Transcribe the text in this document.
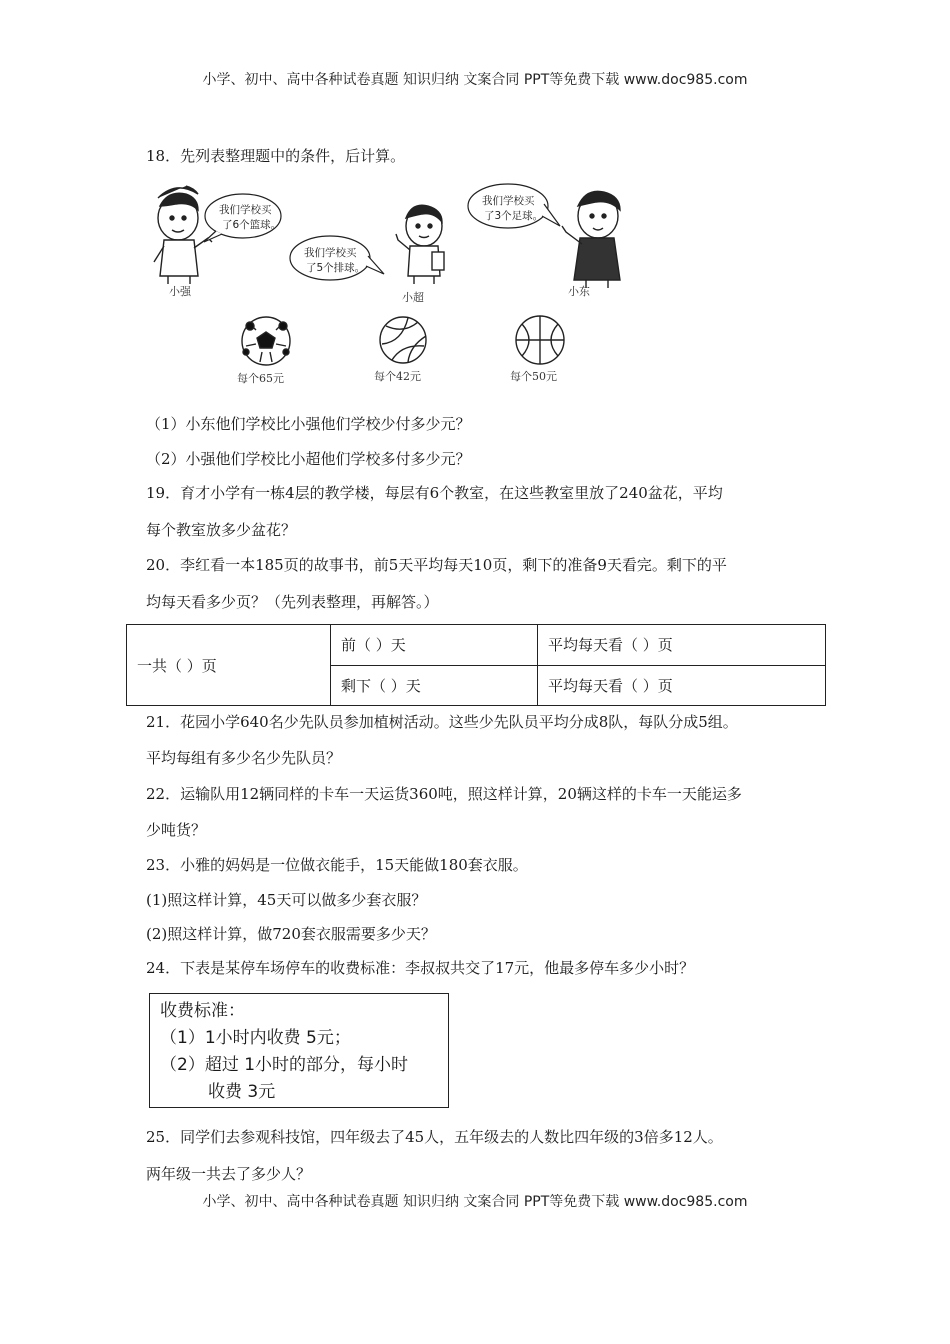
小学、初中、高中各种试卷真题 知识归纳 文案合同 PPT等免费下载 www.doc985.com
18．先列表整理题中的条件，后计算。
我们学校买
了6个篮球。
我们学校买
了5个排球。
我们学校买
了3个足球。
小强	小超	小东
每个65元	每个42元	每个50元
（1）小东他们学校比小强他们学校少付多少元？
（2）小强他们学校比小超他们学校多付多少元？
19．育才小学有一栋4层的教学楼，每层有6个教室，在这些教室里放了240盆花，平均
每个教室放多少盆花？
20．李红看一本185页的故事书，前5天平均每天10页，剩下的准备9天看完。剩下的平
均每天看多少页？（先列表整理，再解答。）
一共（ ）页	前（ ）天	平均每天看（ ）页
	剩下（ ）天	平均每天看（ ）页
21．花园小学640名少先队员参加植树活动。这些少先队员平均分成8队，每队分成5组。
平均每组有多少名少先队员？
22．运输队用12辆同样的卡车一天运货360吨，照这样计算，20辆这样的卡车一天能运多
少吨货？
23．小雅的妈妈是一位做衣能手，15天能做180套衣服。
(1)照这样计算，45天可以做多少套衣服？
(2)照这样计算，做720套衣服需要多少天？
24．下表是某停车场停车的收费标准：李叔叔共交了17元，他最多停车多少小时？
收费标准：
（1）1小时内收费 5元；
（2）超过 1小时的部分，每小时
收费 3元
25．同学们去参观科技馆，四年级去了45人，五年级去的人数比四年级的3倍多12人。
两年级一共去了多少人？
小学、初中、高中各种试卷真题 知识归纳 文案合同 PPT等免费下载 www.doc985.com
